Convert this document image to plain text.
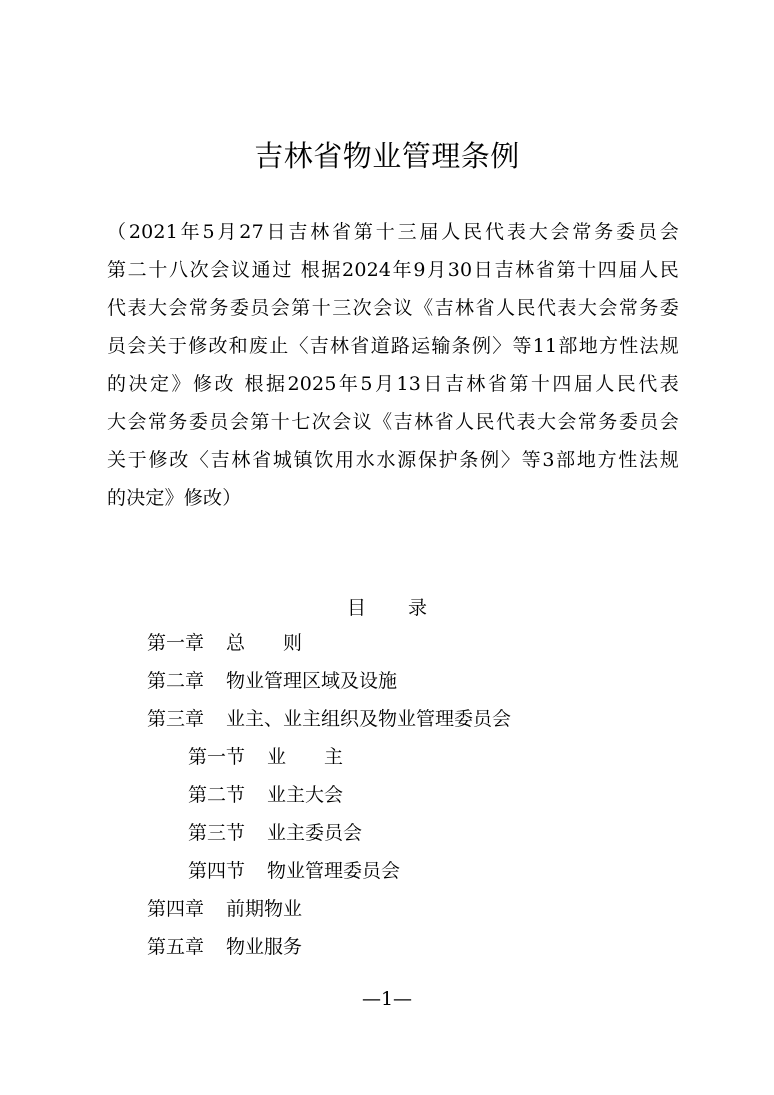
吉林省物业管理条例
（2021年5月27日吉林省第十三届人民代表大会常务委员会
第二十八次会议通过 根据2024年9月30日吉林省第十四届人民
代表大会常务委员会第十三次会议《吉林省人民代表大会常务委
员会关于修改和废止〈吉林省道路运输条例〉等11部地方性法规
的决定》修改 根据2025年5月13日吉林省第十四届人民代表
大会常务委员会第十七次会议《吉林省人民代表大会常务委员会
关于修改〈吉林省城镇饮用水水源保护条例〉等3部地方性法规
的决定》修改）
目 录
第一章 总　　则
第二章 物业管理区域及设施
第三章 业主、业主组织及物业管理委员会
第一节 业　　主
第二节 业主大会
第三节 业主委员会
第四节 物业管理委员会
第四章 前期物业
第五章 物业服务
—1—
